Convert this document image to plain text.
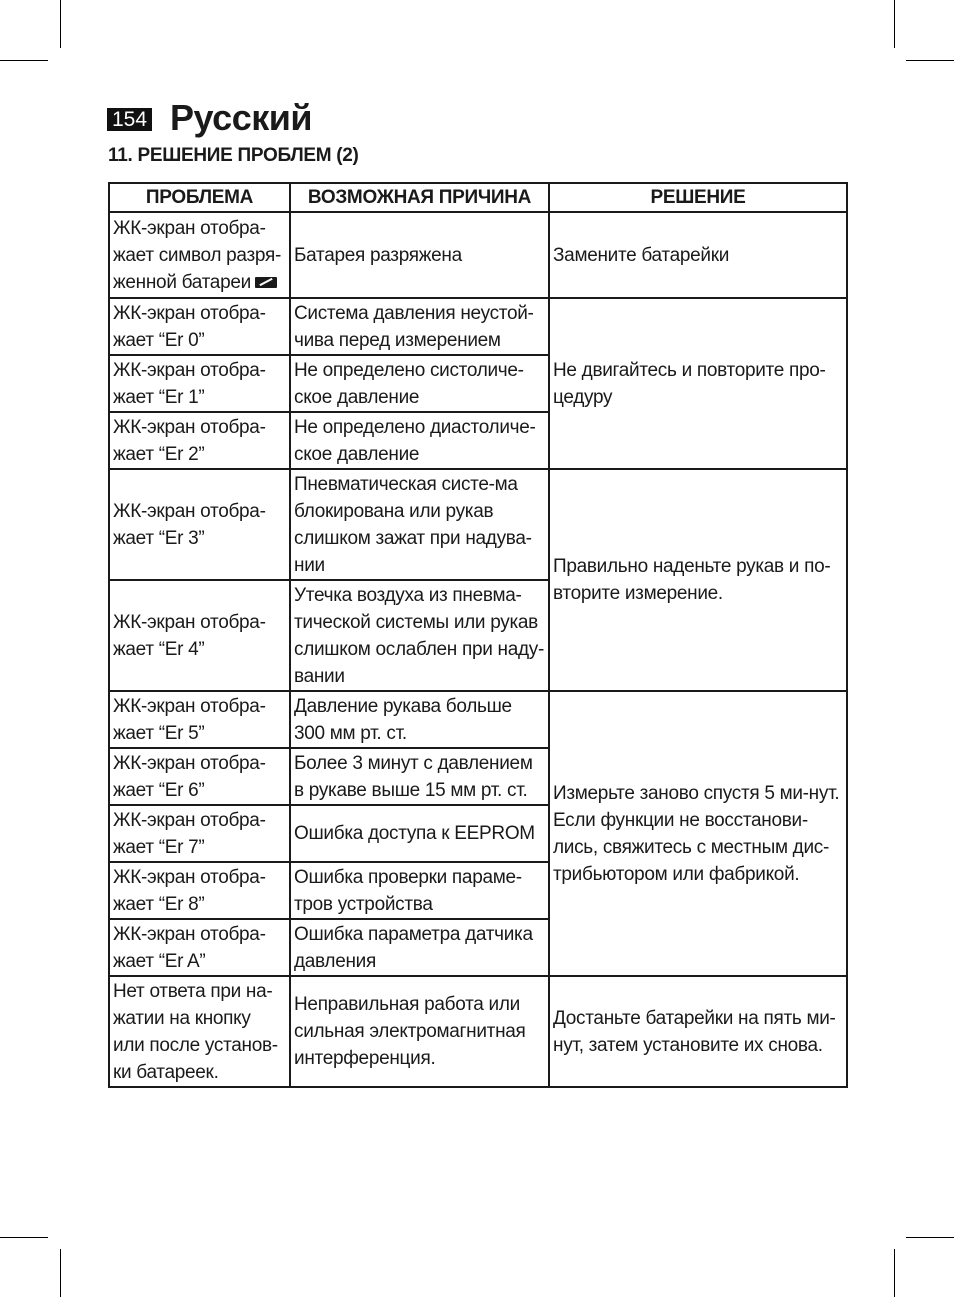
154 Русский
11. РЕШЕНИЕ ПРОБЛЕМ (2)
ПРОБЛЕМА	ВОЗМОЖНАЯ ПРИЧИНА	РЕШЕНИЕ
ЖК-экран отобра-жает символ разря-женной батареи	Батарея разряжена	Замените батарейки
ЖК-экран отобра-жает “Er 0”	Система давления неустой-чива перед измерением	Не двигайтесь и повторите про-цедуру
ЖК-экран отобра-жает “Er 1”	Не определено систоличе-ское давление	
ЖК-экран отобра-жает “Er 2”	Не определено диастоличе-ское давление	
ЖК-экран отобра-жает “Er 3”	Пневматическая систе-ма блокирована или рукав слишком зажат при надува-нии	Правильно наденьте рукав и по-вторите измерение.
ЖК-экран отобра-жает “Er 4”	Утечка воздуха из пневма-тической системы или рукав слишком ослаблен при наду-вании	
ЖК-экран отобра-жает “Er 5”	Давление рукава больше 300 мм рт. ст.	Измерьте заново спустя 5 ми-нут. Если функции не восстанови-лись, свяжитесь с местным дис-трибьютором или фабрикой.
ЖК-экран отобра-жает “Er 6”	Более 3 минут с давлением в рукаве выше 15 мм рт. ст.	
ЖК-экран отобра-жает “Er 7”	Ошибка доступа к EEPROM	
ЖК-экран отобра-жает “Er 8”	Ошибка проверки параме-тров устройства	
ЖК-экран отобра-жает “Er A”	Ошибка параметра датчика давления	
Нет ответа при на-жатии на кнопку или после установ-ки батареек.	Неправильная работа или сильная электромагнитная интерференция.	Достаньте батарейки на пять ми-нут, затем установите их снова.
